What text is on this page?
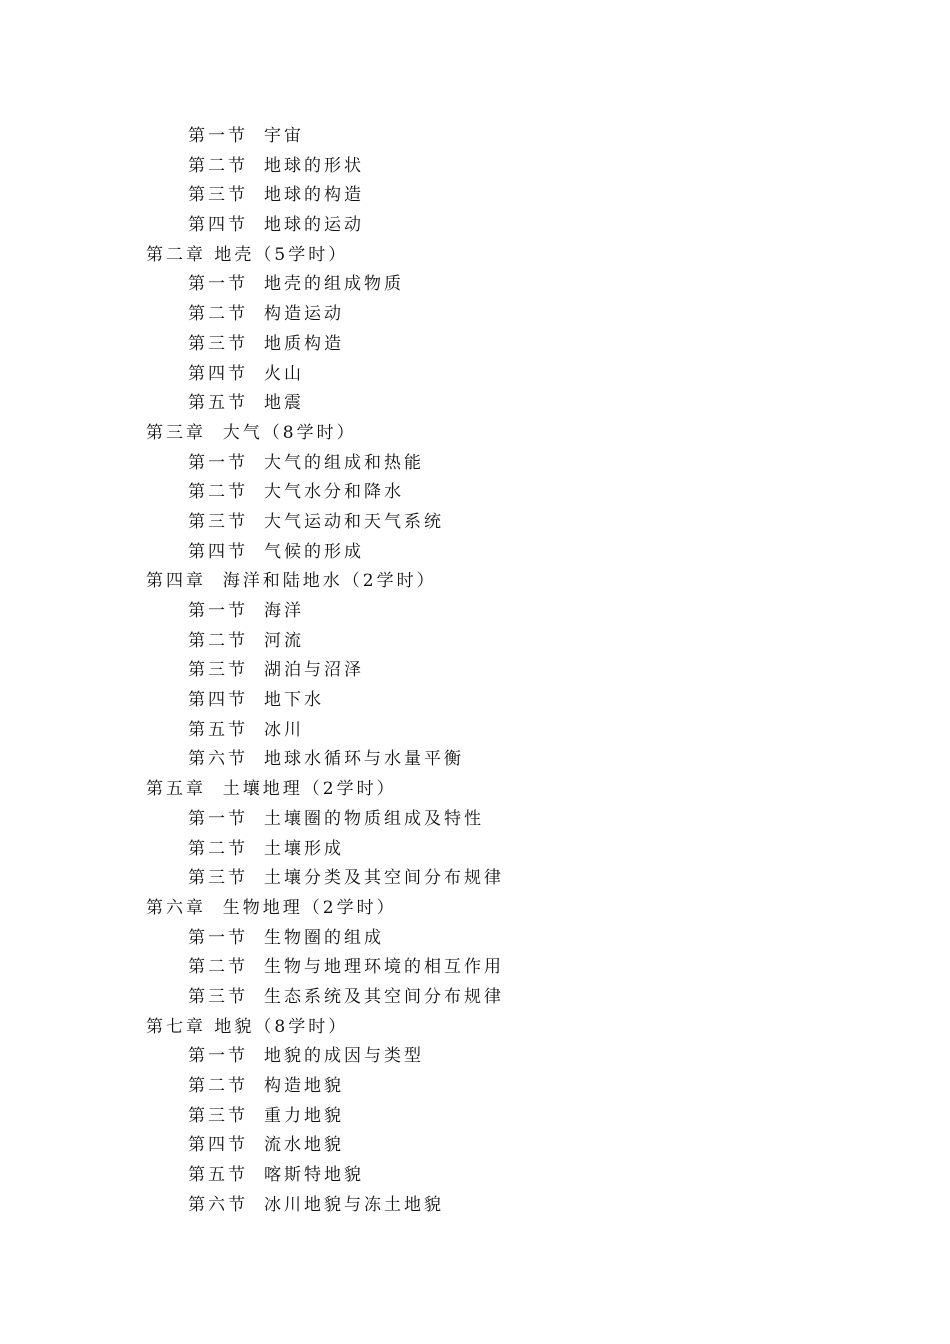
第一节 宇宙
第二节 地球的形状
第三节 地球的构造
第四节 地球的运动
第二章 地壳（5学时）
第一节 地壳的组成物质
第二节 构造运动
第三节 地质构造
第四节 火山
第五节 地震
第三章  大气（8学时）
第一节 大气的组成和热能
第二节 大气水分和降水
第三节 大气运动和天气系统
第四节 气候的形成
第四章  海洋和陆地水（2学时）
第一节 海洋
第二节 河流
第三节 湖泊与沼泽
第四节 地下水
第五节 冰川
第六节 地球水循环与水量平衡
第五章  土壤地理（2学时）
第一节 土壤圈的物质组成及特性
第二节 土壤形成
第三节 土壤分类及其空间分布规律
第六章  生物地理（2学时）
第一节 生物圈的组成
第二节 生物与地理环境的相互作用
第三节 生态系统及其空间分布规律
第七章 地貌（8学时）
第一节 地貌的成因与类型
第二节 构造地貌
第三节 重力地貌
第四节 流水地貌
第五节 喀斯特地貌
第六节 冰川地貌与冻土地貌
